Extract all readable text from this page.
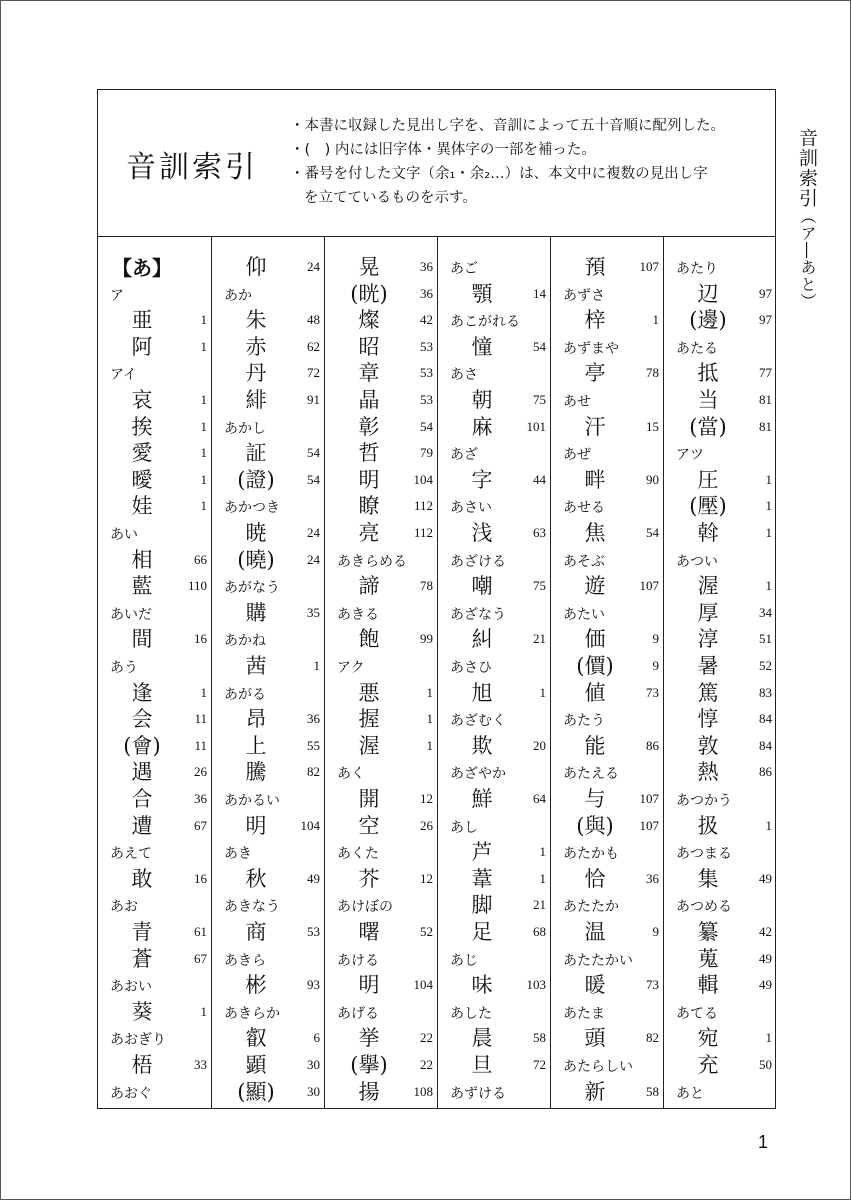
音訓索引
・本書に収録した見出し字を、音訓によって五十音順に配列した。
・(　) 内には旧字体・異体字の一部を補った。
・番号を付した文字（余₁・余₂…）は、本文中に複数の見出し字
を立てているものを示す。
【あ】
ア
亜	1
阿	1
アイ
哀	1
挨	1
愛	1
曖	1
娃	1
あい
相	66
藍	110
あいだ
間	16
あう
逢	1
会	11
(會)	11
遇	26
合	36
遭	67
あえて
敢	16
あお
青	61
蒼	67
あおい
葵	1
あおぎり
梧	33
あおぐ
仰	24
あか
朱	48
赤	62
丹	72
緋	91
あかし
証	54
(證)	54
あかつき
暁	24
(曉)	24
あがなう
購	35
あかね
茜	1
あがる
昂	36
上	55
騰	82
あかるい
明	104
あき
秋	49
あきなう
商	53
あきら
彬	93
あきらか
叡	6
顕	30
(顯)	30
晃	36
(晄)	36
燦	42
昭	53
章	53
晶	53
彰	54
哲	79
明	104
瞭	112
亮	112
あきらめる
諦	78
あきる
飽	99
アク
悪	1
握	1
渥	1
あく
開	12
空	26
あくた
芥	12
あけぼの
曙	52
あける
明	104
あげる
挙	22
(擧)	22
揚	108
あご
顎	14
あこがれる
憧	54
あさ
朝	75
麻	101
あざ
字	44
あさい
浅	63
あざける
嘲	75
あざなう
糾	21
あさひ
旭	1
あざむく
欺	20
あざやか
鮮	64
あし
芦	1
葦	1
脚	21
足	68
あじ
味	103
あした
晨	58
旦	72
あずける
預	107
あずさ
梓	1
あずまや
亭	78
あせ
汗	15
あぜ
畔	90
あせる
焦	54
あそぶ
遊	107
あたい
価	9
(價)	9
値	73
あたう
能	86
あたえる
与	107
(與)	107
あたかも
恰	36
あたたか
温	9
あたたかい
暖	73
あたま
頭	82
あたらしい
新	58
あたり
辺	97
(邊)	97
あたる
抵	77
当	81
(當)	81
アツ
圧	1
(壓)	1
斡	1
あつい
渥	1
厚	34
淳	51
暑	52
篤	83
惇	84
敦	84
熱	86
あつかう
扱	1
あつまる
集	49
あつめる
纂	42
蒐	49
輯	49
あてる
宛	1
充	50
あと
音訓索引（ア―あと）
1
